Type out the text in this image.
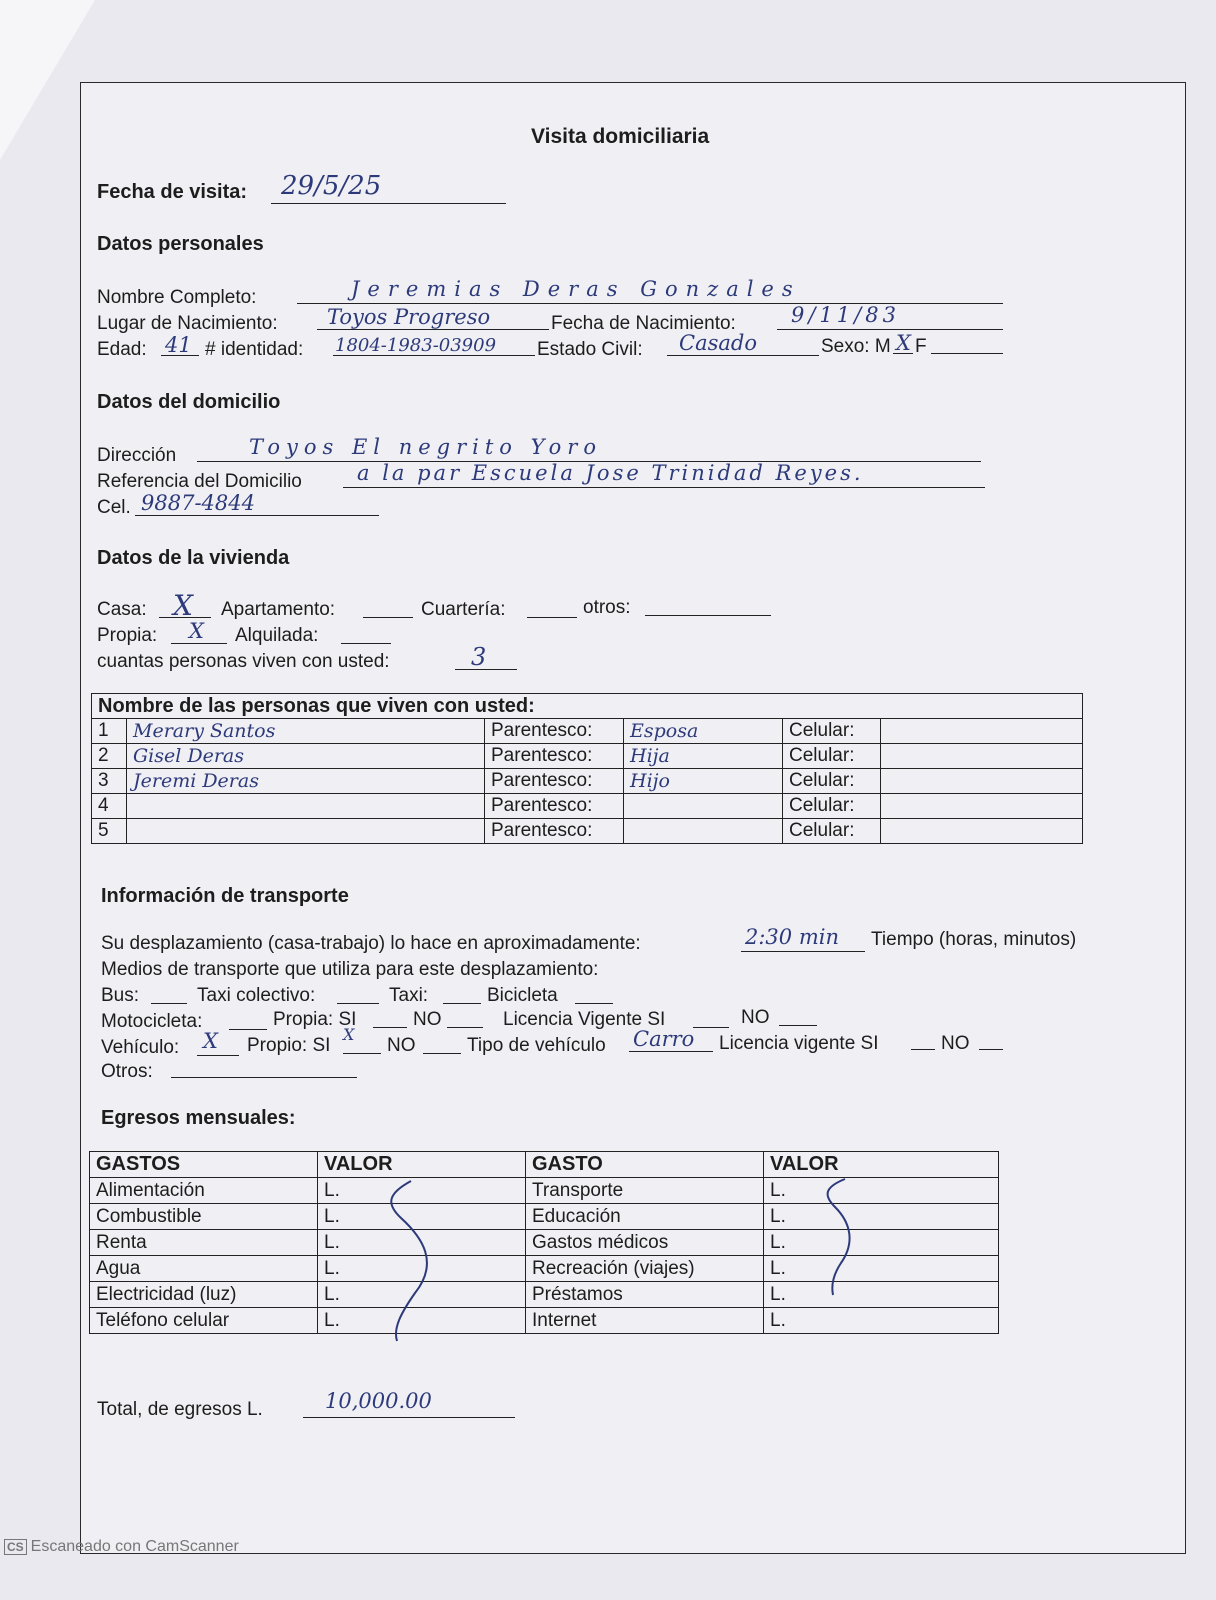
Visita domiciliaria
Fecha de visita: 29/5/25
Datos personales
Nombre Completo:	Jeremias Deras Gonzales
Lugar de Nacimiento: Toyos Progreso	Fecha de Nacimiento:	9/11/83
Edad: 41 # identidad: 1804-1983-03909 Estado Civil: Casado	Sexo: M X F
Datos del domicilio
Dirección	Toyos El negrito Yoro
Referencia del Domicilio	a la par Escuela Jose Trinidad Reyes.
Cel. 9887-4844
Datos de la vivienda
Casa: X Apartamento:	Cuartería:	otros:
Propia: X Alquilada:
cuantas personas viven con usted:	3
Nombre de las personas que viven con usted:					
1	Merary Santos	Parentesco:	Esposa	Celular:	
2	Gisel Deras	Parentesco:	Hija	Celular:	
3	Jeremi Deras	Parentesco:	Hijo	Celular:	
4		Parentesco:		Celular:	
5		Parentesco:		Celular:	
Información de transporte
Su desplazamiento (casa-trabajo) lo hace en aproximadamente:	2:30 min Tiempo (horas, minutos)
Medios de transporte que utiliza para este desplazamiento:
Bus:	Taxi colectivo:	Taxi:	Bicicleta
Motocicleta:	Propia: SI	NO	Licencia Vigente SI	NO
Vehículo: X Propio: SI
X
NO	Tipo de vehículo Carro Licencia vigente SI	NO
Otros:
Egresos mensuales:
GASTOS	VALOR	GASTO	VALOR
Alimentación	L.	Transporte	L.
Combustible	L.	Educación	L.
Renta	L.	Gastos médicos	L.
Agua	L.	Recreación (viajes)	L.
Electricidad (luz)	L.	Préstamos	L.
Teléfono celular	L.	Internet	L.
Total, de egresos L.	10,000.00
CS Escaneado con CamScanner
